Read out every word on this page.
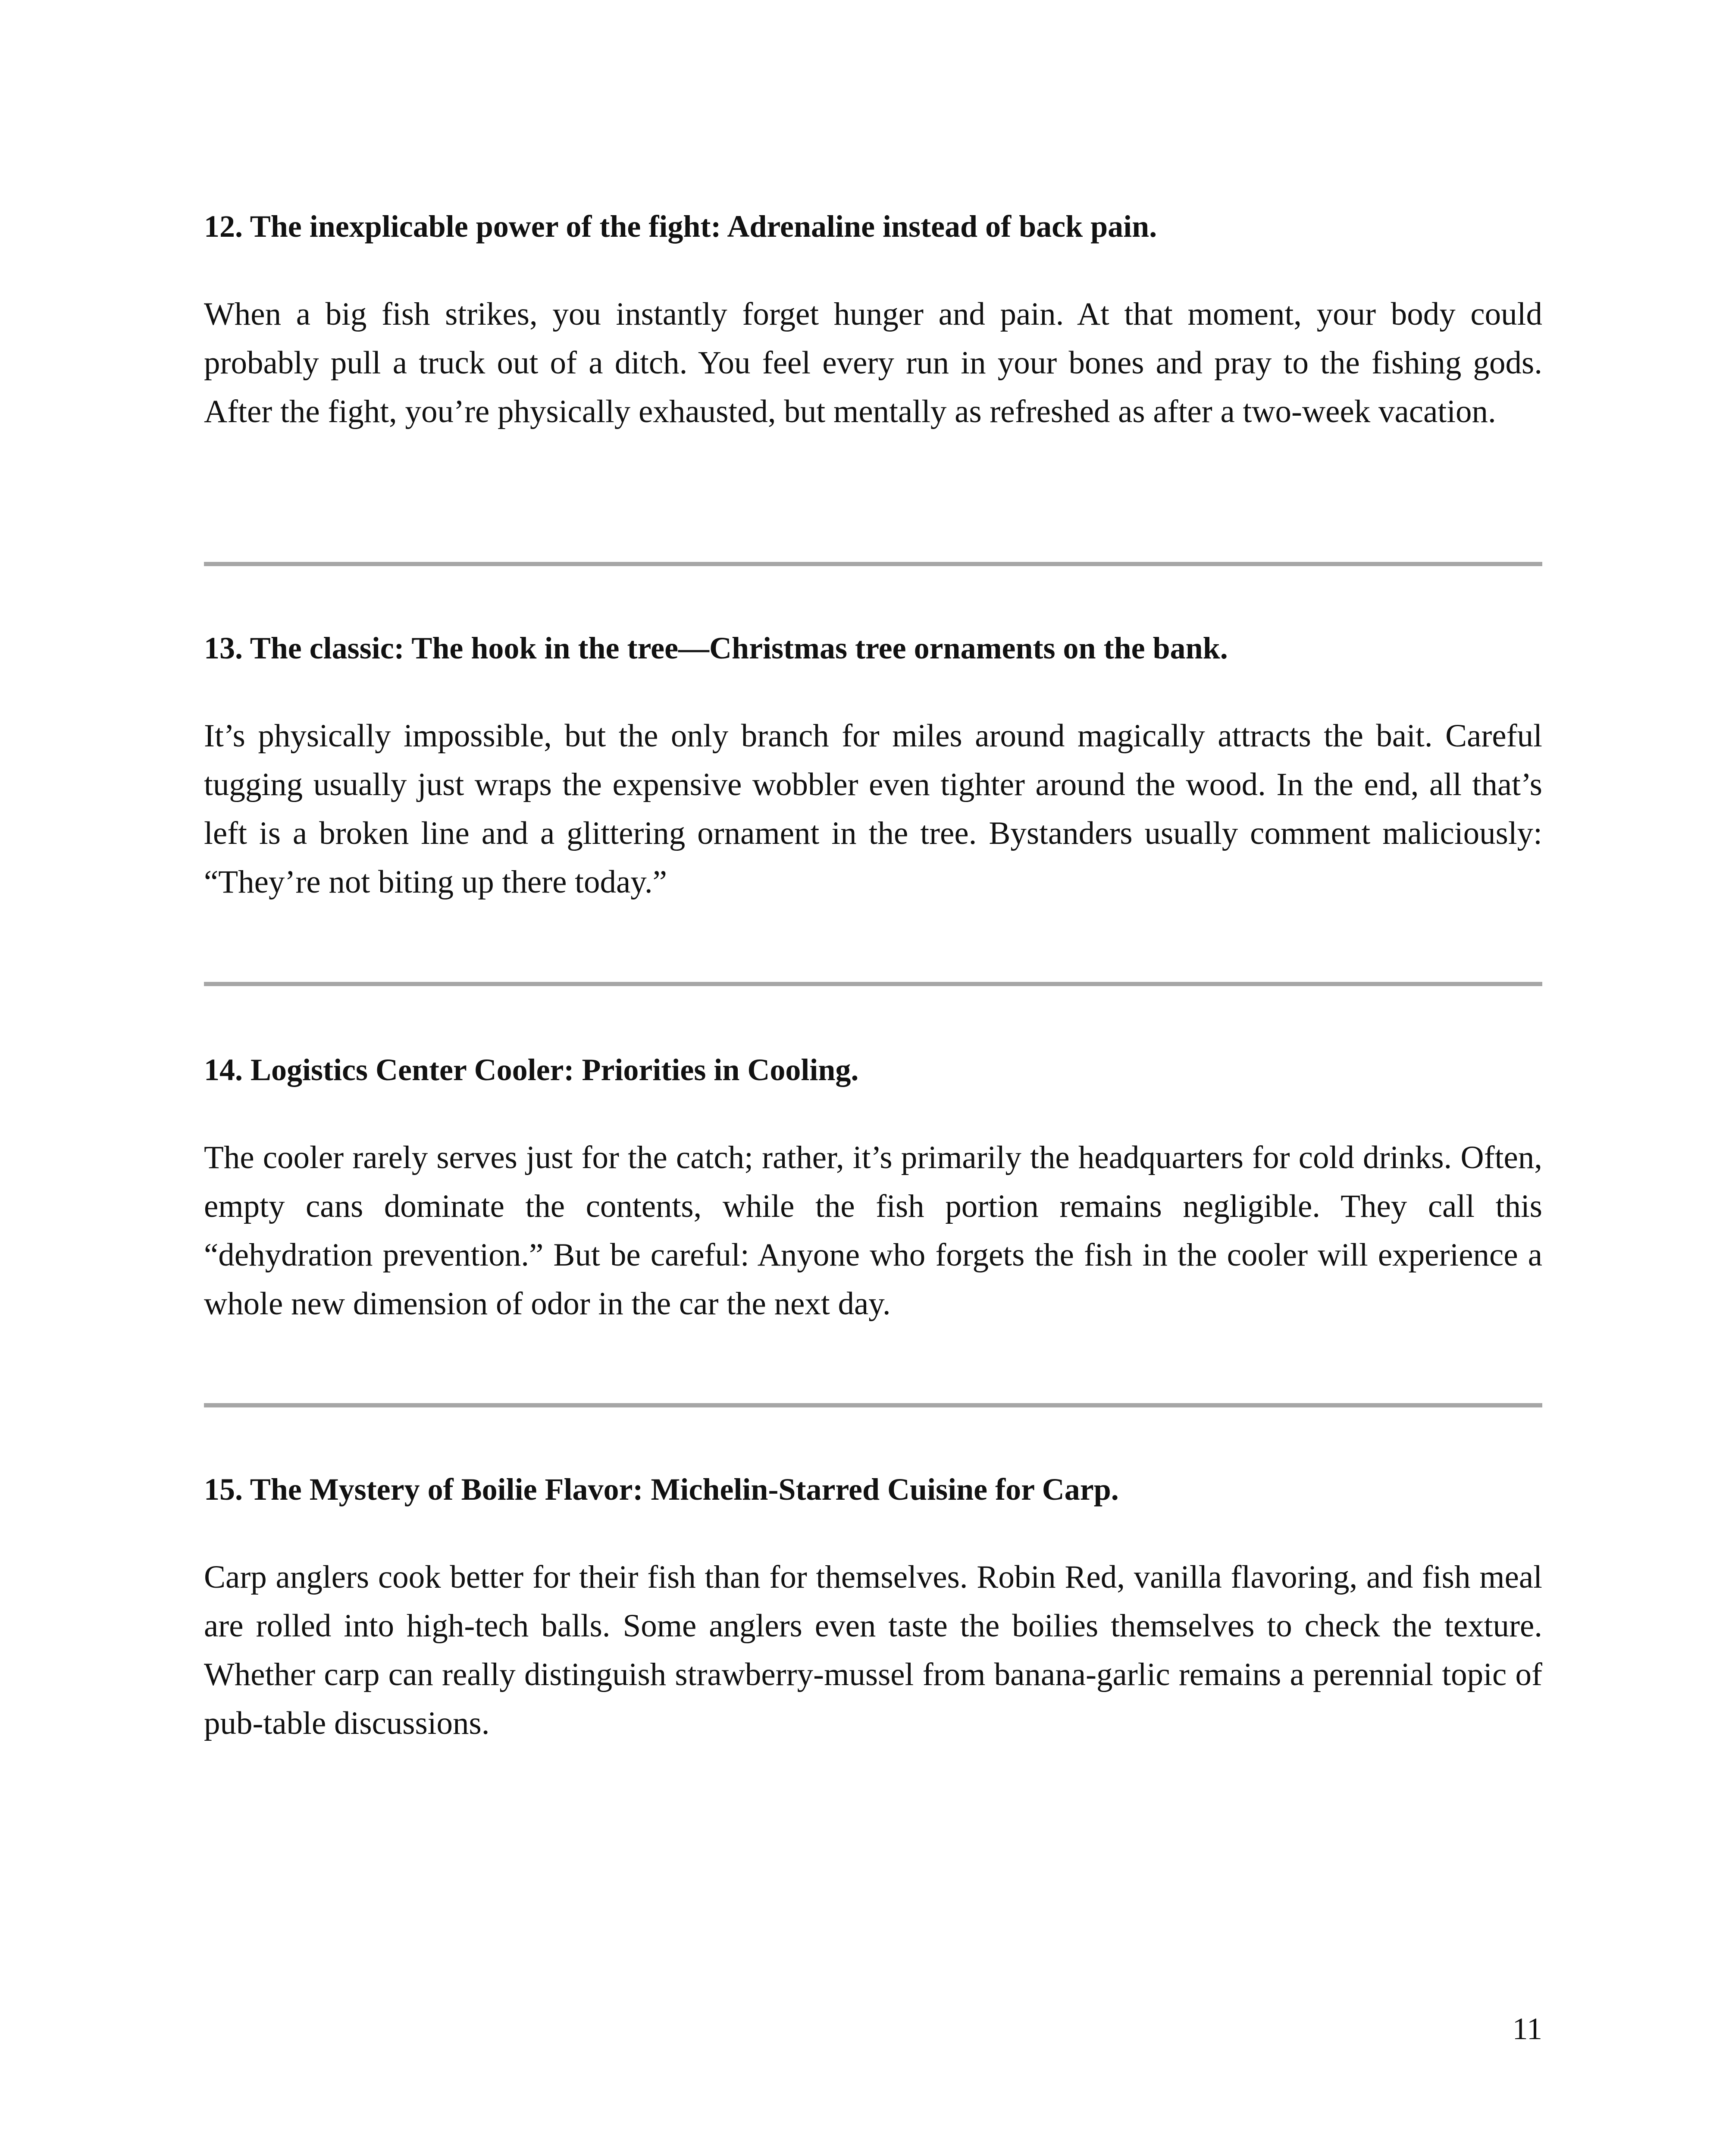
12. The inexplicable power of the fight: Adrenaline instead of back pain.

When a big fish strikes, you instantly forget hunger and pain. At that moment, your body could probably pull a truck out of a ditch. You feel every run in your bones and pray to the fishing gods. After the fight, you’re physically exhausted, but mentally as refreshed as after a two-week vacation.

13. The classic: The hook in the tree—Christmas tree ornaments on the bank.

It’s physically impossible, but the only branch for miles around magically attracts the bait. Careful tugging usually just wraps the expensive wobbler even tighter around the wood. In the end, all that’s left is a broken line and a glittering ornament in the tree. Bystanders usually comment maliciously: “They’re not biting up there today.”

14. Logistics Center Cooler: Priorities in Cooling.

The cooler rarely serves just for the catch; rather, it’s primarily the headquarters for cold drinks. Often, empty cans dominate the contents, while the fish portion remains negligible. They call this “dehydration prevention.” But be careful: Anyone who forgets the fish in the cooler will experience a whole new dimension of odor in the car the next day.

15. The Mystery of Boilie Flavor: Michelin-Starred Cuisine for Carp.

Carp anglers cook better for their fish than for themselves. Robin Red, vanilla flavoring, and fish meal are rolled into high-tech balls. Some anglers even taste the boilies themselves to check the texture. Whether carp can really distinguish strawberry-mussel from banana-garlic remains a perennial topic of pub-table discussions.

11
